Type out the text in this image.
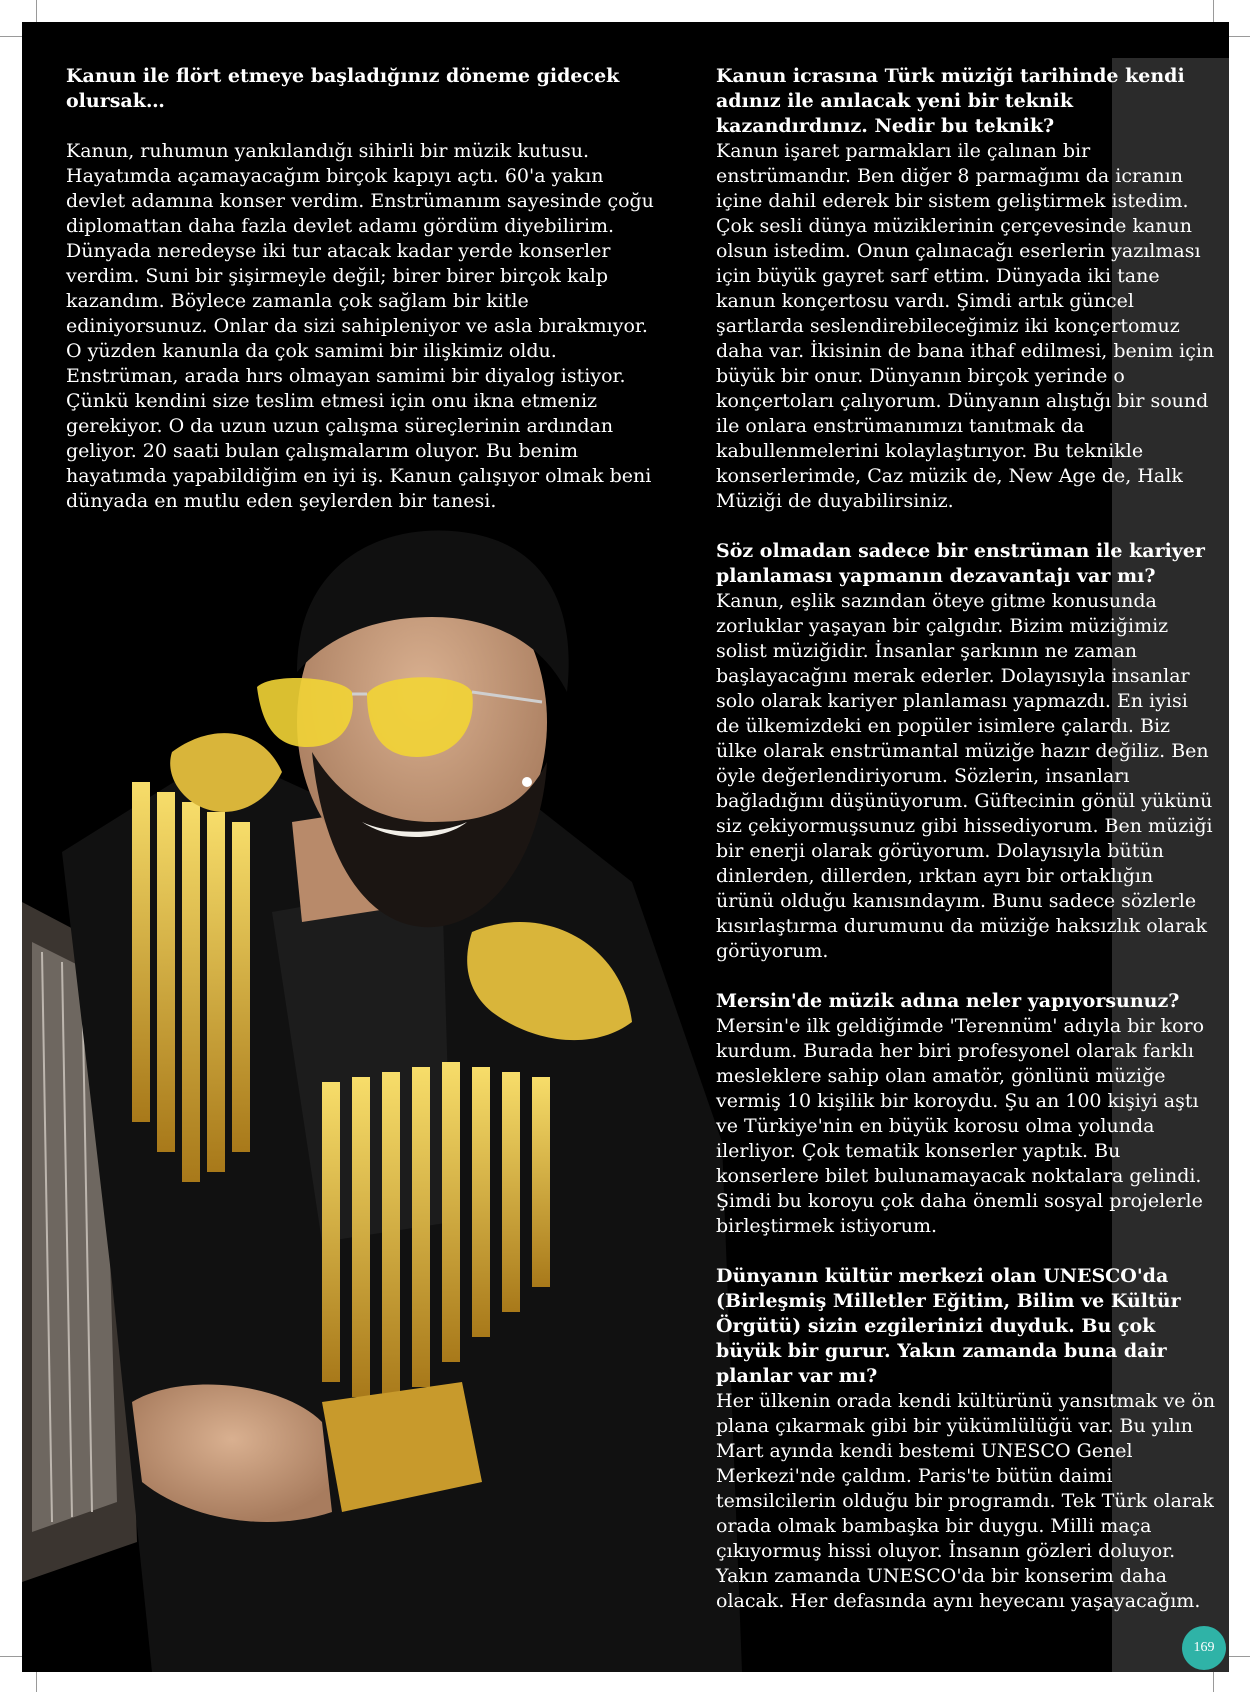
Kanun ile flört etmeye başladığınız döneme gidecek olursak…

Kanun, ruhumun yankılandığı sihirli bir müzik kutusu. Hayatımda açamayacağım birçok kapıyı açtı. 60'a yakın devlet adamına konser verdim. Enstrümanım sayesinde çoğu diplomattan daha fazla devlet adamı gördüm diyebilirim. Dünyada neredeyse iki tur atacak kadar yerde konserler verdim. Suni bir şişirmeyle değil; birer birer birçok kalp kazandım. Böylece zamanla çok sağlam bir kitle ediniyorsunuz. Onlar da sizi sahipleniyor ve asla bırakmıyor. O yüzden kanunla da çok samimi bir ilişkimiz oldu. Enstrüman, arada hırs olmayan samimi bir diyalog istiyor. Çünkü kendini size teslim etmesi için onu ikna etmeniz gerekiyor. O da uzun uzun çalışma süreçlerinin ardından geliyor. 20 saati bulan çalışmalarım oluyor. Bu benim hayatımda yapabildiğim en iyi iş. Kanun çalışıyor olmak beni dünyada en mutlu eden şeylerden bir tanesi.

Kanun icrasına Türk müziği tarihinde kendi adınız ile anılacak yeni bir teknik kazandırdınız. Nedir bu teknik?

Kanun işaret parmakları ile çalınan bir enstrümandır. Ben diğer 8 parmağımı da icranın içine dahil ederek bir sistem geliştirmek istedim. Çok sesli dünya müziklerinin çerçevesinde kanun olsun istedim. Onun çalınacağı eserlerin yazılması için büyük gayret sarf ettim. Dünyada iki tane kanun konçertosu vardı. Şimdi artık güncel şartlarda seslendirebileceğimiz iki konçertomuz daha var. İkisinin de bana ithaf edilmesi, benim için büyük bir onur. Dünyanın birçok yerinde o konçertoları çalıyorum. Dünyanın alıştığı bir sound ile onlara enstrümanımızı tanıtmak da kabullenmelerini kolaylaştırıyor. Bu teknikle konserlerimde, Caz müzik de, New Age de, Halk Müziği de duyabilirsiniz.

Söz olmadan sadece bir enstrüman ile kariyer planlaması yapmanın dezavantajı var mı?

Kanun, eşlik sazından öteye gitme konusunda zorluklar yaşayan bir çalgıdır. Bizim müziğimiz solist müziğidir. İnsanlar şarkının ne zaman başlayacağını merak ederler. Dolayısıyla insanlar solo olarak kariyer planlaması yapmazdı. En iyisi de ülkemizdeki en popüler isimlere çalardı. Biz ülke olarak enstrümantal müziğe hazır değiliz. Ben öyle değerlendiriyorum. Sözlerin, insanları bağladığını düşünüyorum. Güftecinin gönül yükünü siz çekiyormuşsunuz gibi hissediyorum. Ben müziği bir enerji olarak görüyorum. Dolayısıyla bütün dinlerden, dillerden, ırktan ayrı bir ortaklığın ürünü olduğu kanısındayım. Bunu sadece sözlerle kısırlaştırma durumunu da müziğe haksızlık olarak görüyorum.

Mersin'de müzik adına neler yapıyorsunuz?

Mersin'e ilk geldiğimde 'Terennüm' adıyla bir koro kurdum. Burada her biri profesyonel olarak farklı mesleklere sahip olan amatör, gönlünü müziğe vermiş 10 kişilik bir koroydu. Şu an 100 kişiyi aştı ve Türkiye'nin en büyük korosu olma yolunda ilerliyor. Çok tematik konserler yaptık. Bu konserlere bilet bulunamayacak noktalara gelindi. Şimdi bu koroyu çok daha önemli sosyal projelerle birleştirmek istiyorum.

Dünyanın kültür merkezi olan UNESCO'da (Birleşmiş Milletler Eğitim, Bilim ve Kültür Örgütü) sizin ezgilerinizi duyduk. Bu çok büyük bir gurur. Yakın zamanda buna dair planlar var mı?

Her ülkenin orada kendi kültürünü yansıtmak ve ön plana çıkarmak gibi bir yükümlülüğü var. Bu yılın Mart ayında kendi bestemi UNESCO Genel Merkezi'nde çaldım. Paris'te bütün daimi temsilcilerin olduğu bir programdı. Tek Türk olarak orada olmak bambaşka bir duygu. Milli maça çıkıyormuş hissi oluyor. İnsanın gözleri doluyor. Yakın zamanda UNESCO'da bir konserim daha olacak. Her defasında aynı heyecanı yaşayacağım.

169
